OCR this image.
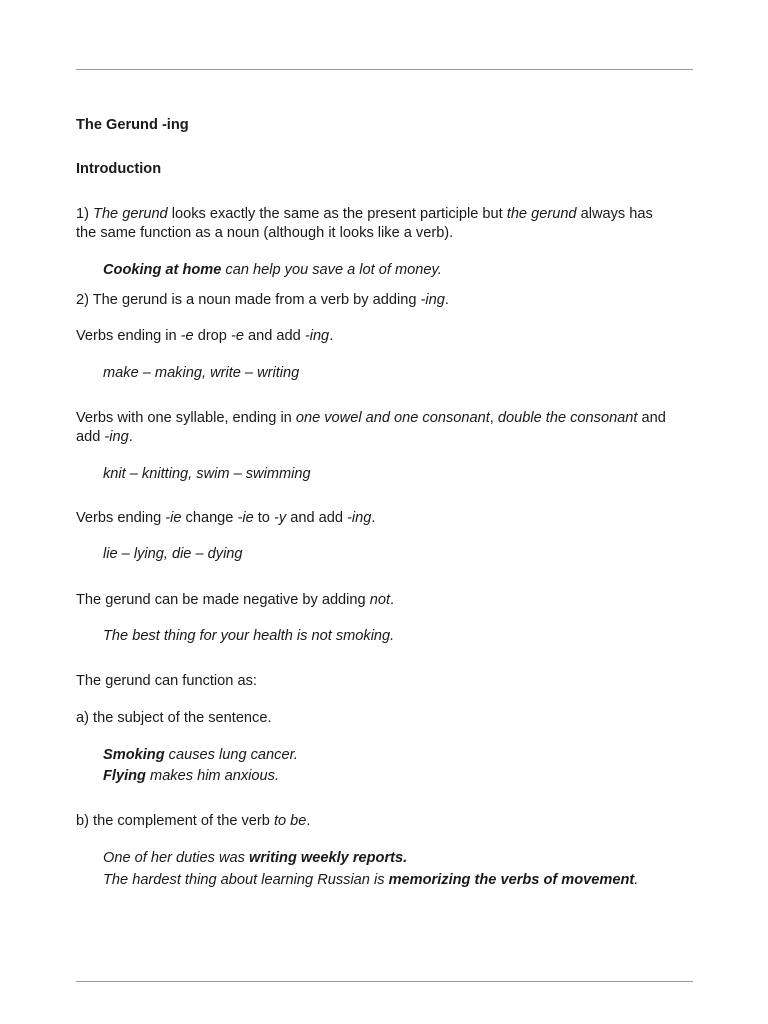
The Gerund -ing
Introduction
1) The gerund looks exactly the same as the present participle but the gerund always has
the same function as a noun (although it looks like a verb).
Cooking at home can help you save a lot of money.
2) The gerund is a noun made from a verb by adding -ing.
Verbs ending in -e drop -e and add -ing.
make – making, write – writing
Verbs with one syllable, ending in one vowel and one consonant, double the consonant and
add -ing.
knit – knitting, swim – swimming
Verbs ending -ie change -ie to -y and add -ing.
lie – lying, die – dying
The gerund can be made negative by adding not.
The best thing for your health is not smoking.
The gerund can function as:
a) the subject of the sentence.
Smoking causes lung cancer.
Flying makes him anxious.
b) the complement of the verb to be.
One of her duties was writing weekly reports.
The hardest thing about learning Russian is memorizing the verbs of movement.
